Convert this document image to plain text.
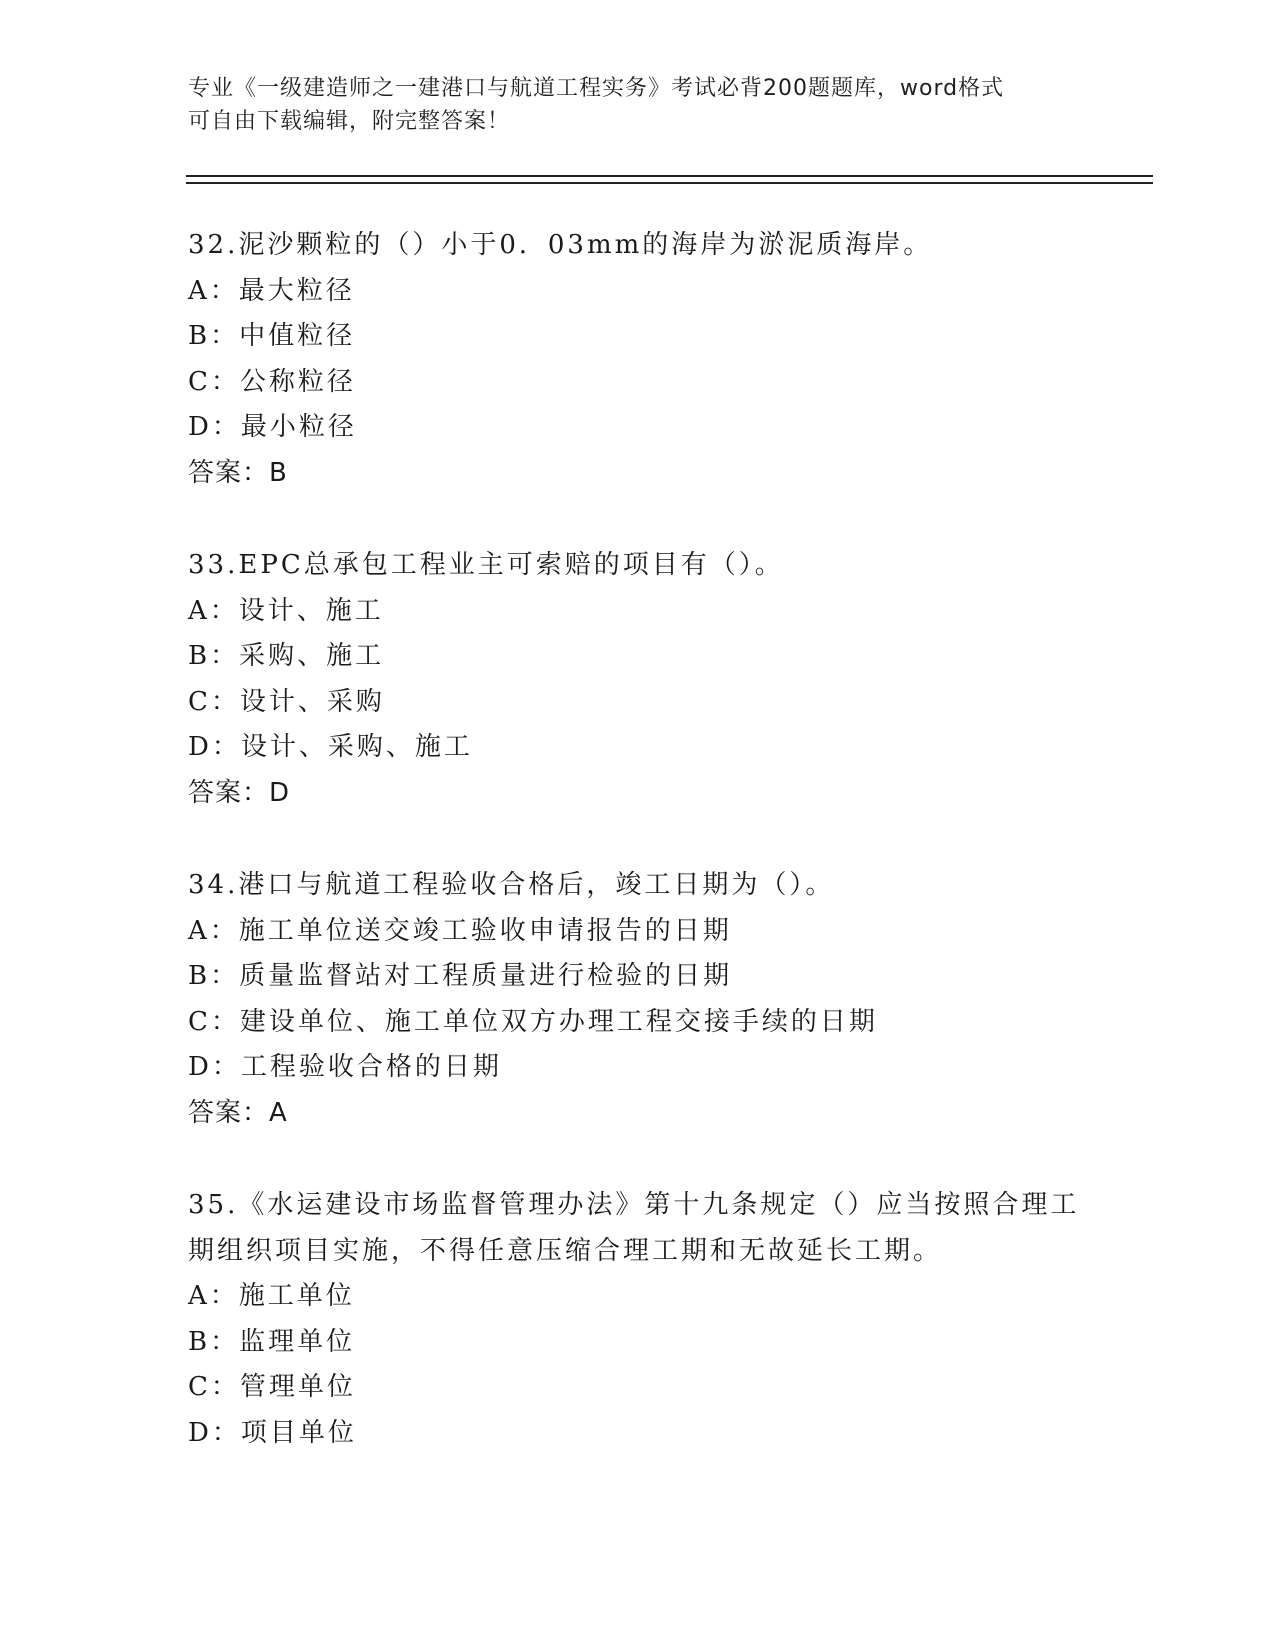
专业《一级建造师之一建港口与航道工程实务》考试必背200题题库，word格式
可自由下载编辑，附完整答案！
32.泥沙颗粒的（）小于0．03mm的海岸为淤泥质海岸。
A：最大粒径
B：中值粒径
C：公称粒径
D：最小粒径
答案：B
33.EPC总承包工程业主可索赔的项目有（）。
A：设计、施工
B：采购、施工
C：设计、采购
D：设计、采购、施工
答案：D
34.港口与航道工程验收合格后，竣工日期为（）。
A：施工单位送交竣工验收申请报告的日期
B：质量监督站对工程质量进行检验的日期
C：建设单位、施工单位双方办理工程交接手续的日期
D：工程验收合格的日期
答案：A
35.《水运建设市场监督管理办法》第十九条规定（）应当按照合理工
期组织项目实施，不得任意压缩合理工期和无故延长工期。
A：施工单位
B：监理单位
C：管理单位
D：项目单位
